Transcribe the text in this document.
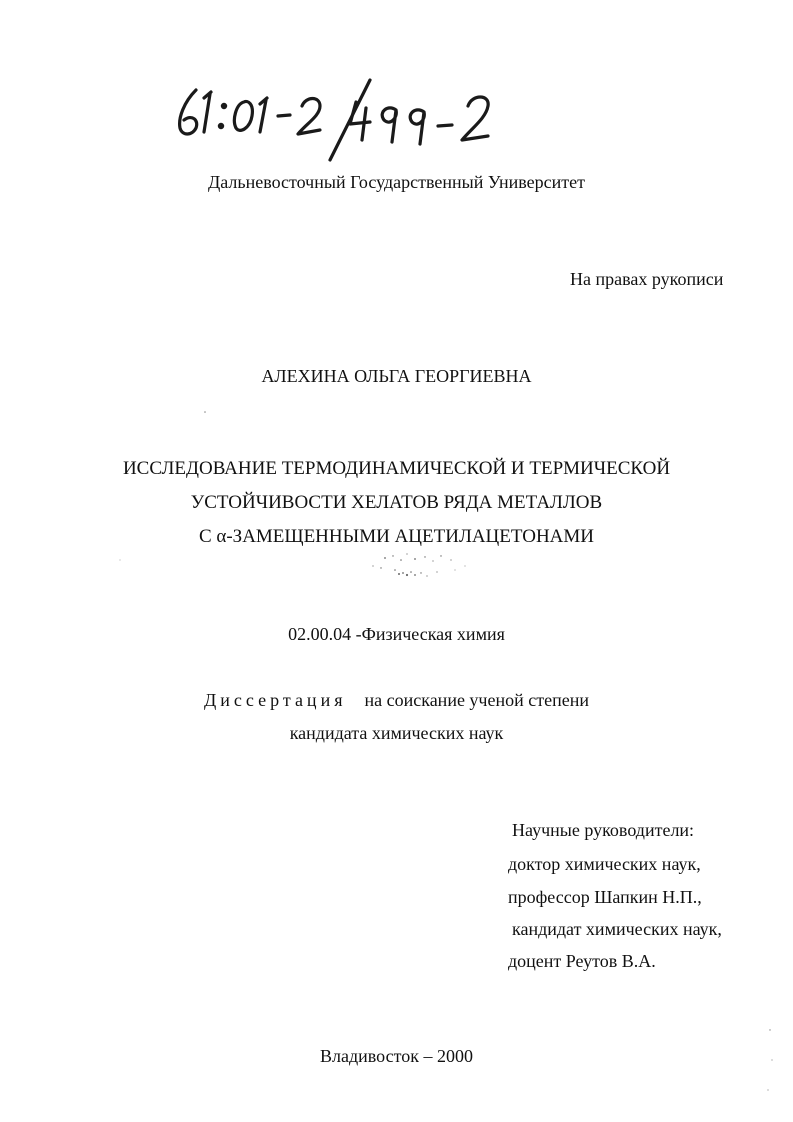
Дальневосточный Государственный Университет
На правах рукописи
АЛЕХИНА ОЛЬГА ГЕОРГИЕВНА
ИССЛЕДОВАНИЕ ТЕРМОДИНАМИЧЕСКОЙ И ТЕРМИЧЕСКОЙ
УСТОЙЧИВОСТИ ХЕЛАТОВ РЯДА МЕТАЛЛОВ
С α-ЗАМЕЩЕННЫМИ АЦЕТИЛАЦЕТОНАМИ
02.00.04 -Физическая химия
Диссертация на соискание ученой степени
кандидата химических наук
Научные руководители:
доктор химических наук,
профессор Шапкин Н.П.,
кандидат химических наук,
доцент Реутов В.А.
Владивосток – 2000
